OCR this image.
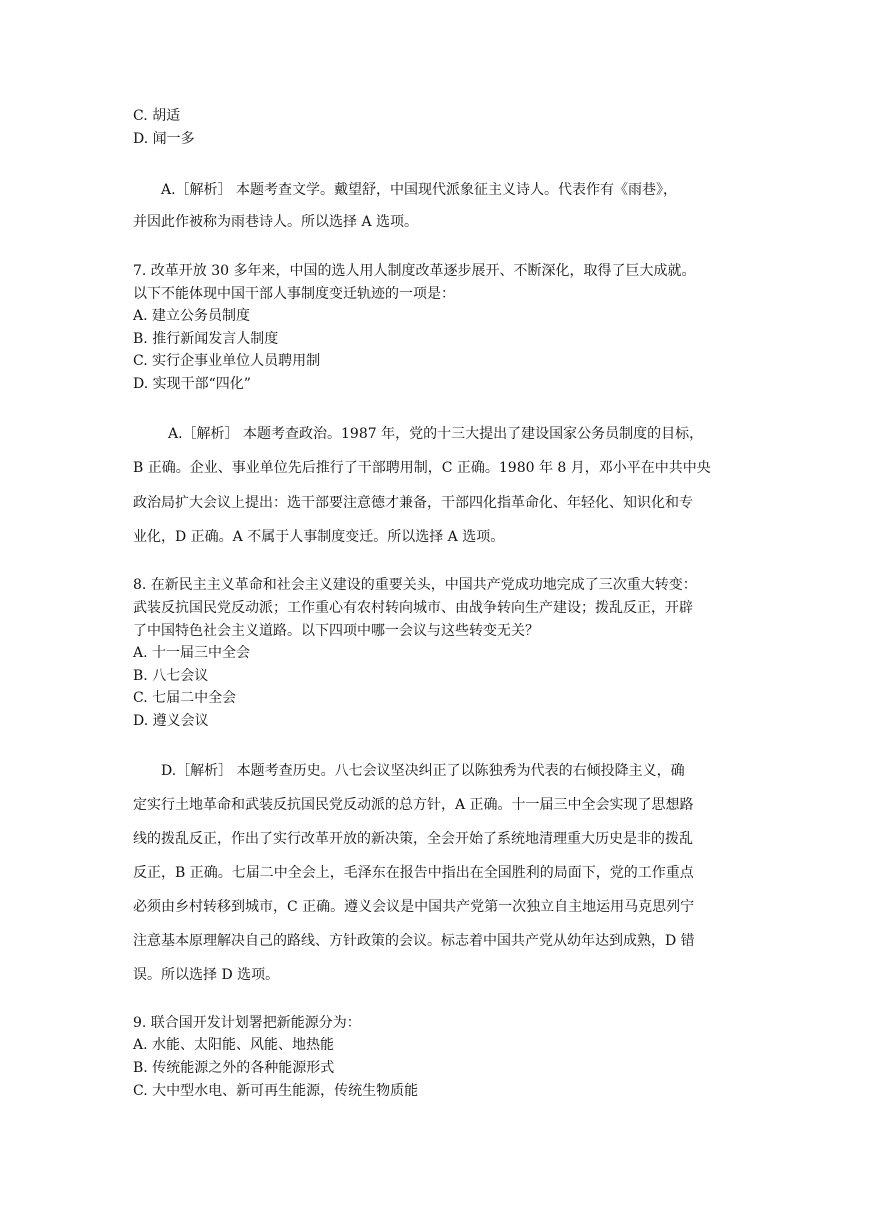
C. 胡适
D. 闻一多
A.［解析］ 本题考查文学。戴望舒，中国现代派象征主义诗人。代表作有《雨巷》，
并因此作被称为雨巷诗人。所以选择 A 选项。
7. 改革开放 30 多年来，中国的选人用人制度改革逐步展开、不断深化，取得了巨大成就。
以下不能体现中国干部人事制度变迁轨迹的一项是：
A. 建立公务员制度
B. 推行新闻发言人制度
C. 实行企事业单位人员聘用制
D. 实现干部“四化”
A.［解析］ 本题考查政治。1987 年，党的十三大提出了建设国家公务员制度的目标，
B 正确。企业、事业单位先后推行了干部聘用制，C 正确。1980 年 8 月，邓小平在中共中央
政治局扩大会议上提出：选干部要注意德才兼备，干部四化指革命化、年轻化、知识化和专
业化，D 正确。A 不属于人事制度变迁。所以选择 A 选项。
8. 在新民主主义革命和社会主义建设的重要关头，中国共产党成功地完成了三次重大转变：
武装反抗国民党反动派；工作重心有农村转向城市、由战争转向生产建设；拨乱反正，开辟
了中国特色社会主义道路。以下四项中哪一会议与这些转变无关？
A. 十一届三中全会
B. 八七会议
C. 七届二中全会
D. 遵义会议
D.［解析］ 本题考查历史。八七会议坚决纠正了以陈独秀为代表的右倾投降主义，确
定实行土地革命和武装反抗国民党反动派的总方针，A 正确。十一届三中全会实现了思想路
线的拨乱反正，作出了实行改革开放的新决策，全会开始了系统地清理重大历史是非的拨乱
反正，B 正确。七届二中全会上，毛泽东在报告中指出在全国胜利的局面下，党的工作重点
必须由乡村转移到城市，C 正确。遵义会议是中国共产党第一次独立自主地运用马克思列宁
注意基本原理解决自己的路线、方针政策的会议。标志着中国共产党从幼年达到成熟，D 错
误。所以选择 D 选项。
9. 联合国开发计划署把新能源分为：
A. 水能、太阳能、风能、地热能
B. 传统能源之外的各种能源形式
C. 大中型水电、新可再生能源，传统生物质能
